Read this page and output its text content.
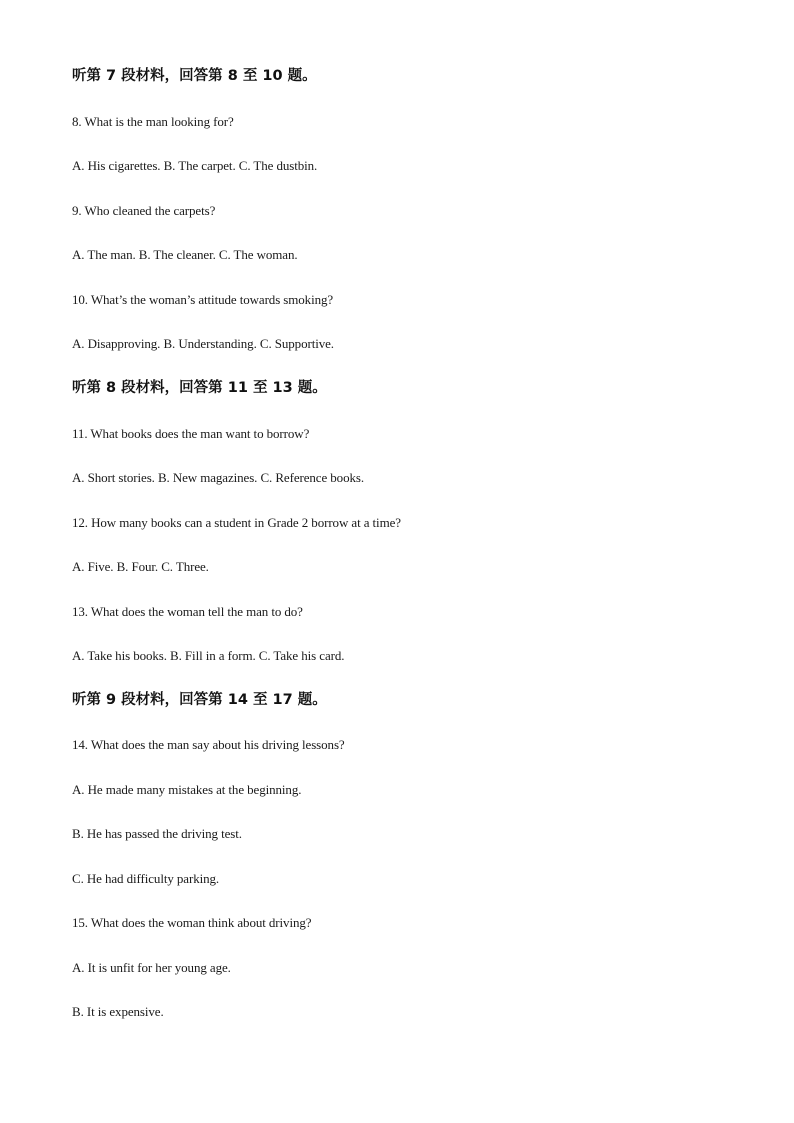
听第 7 段材料，回答第 8 至 10 题。
8. What is the man looking for?
A. His cigarettes. B. The carpet. C. The dustbin.
9. Who cleaned the carpets?
A. The man. B. The cleaner. C. The woman.
10. What’s the woman’s attitude towards smoking?
A. Disapproving. B. Understanding. C. Supportive.
听第 8 段材料，回答第 11 至 13 题。
11. What books does the man want to borrow?
A. Short stories. B. New magazines. C. Reference books.
12. How many books can a student in Grade 2 borrow at a time?
A. Five. B. Four. C. Three.
13. What does the woman tell the man to do?
A. Take his books. B. Fill in a form. C. Take his card.
听第 9 段材料，回答第 14 至 17 题。
14. What does the man say about his driving lessons?
A. He made many mistakes at the beginning.
B. He has passed the driving test.
C. He had difficulty parking.
15. What does the woman think about driving?
A. It is unfit for her young age.
B. It is expensive.
